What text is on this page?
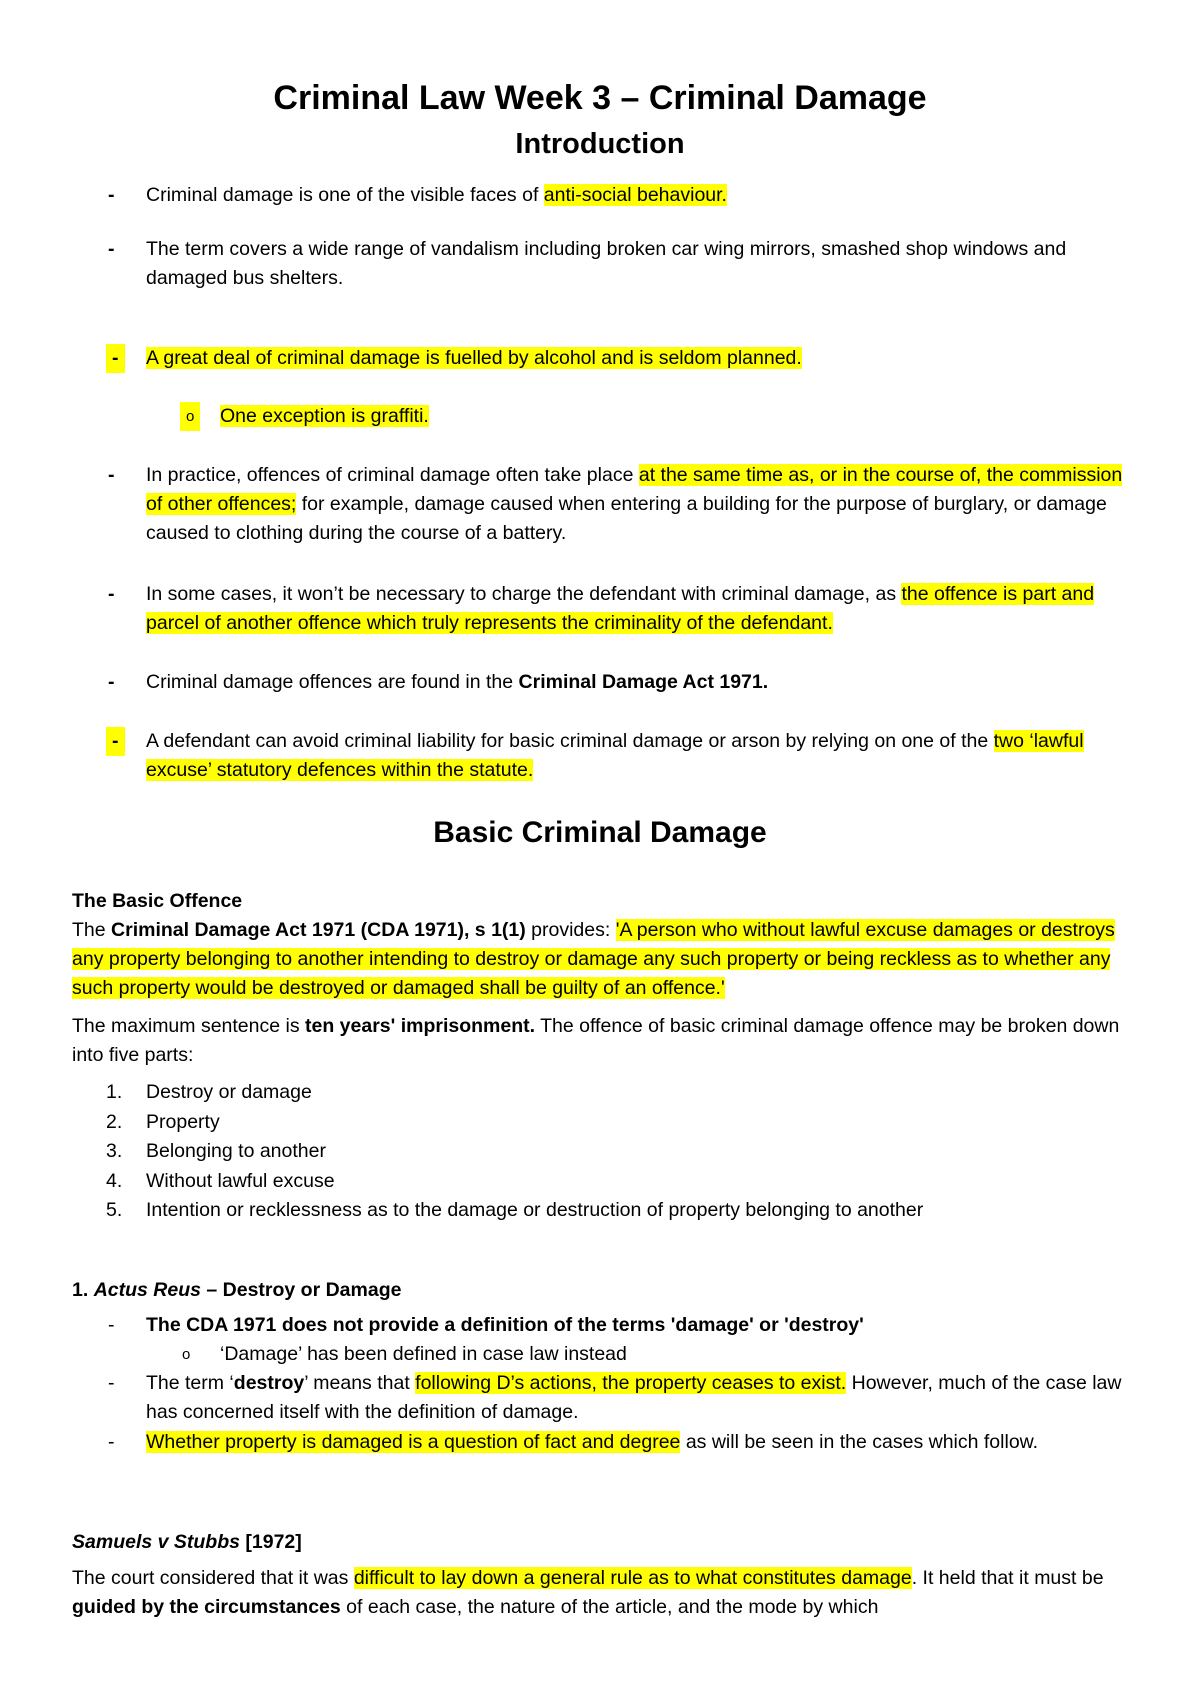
Criminal Law Week 3 – Criminal Damage
Introduction
- Criminal damage is one of the visible faces of anti-social behaviour.
- The term covers a wide range of vandalism including broken car wing mirrors, smashed shop windows and damaged bus shelters.
-	A great deal of criminal damage is fuelled by alcohol and is seldom planned.
o	One exception is graffiti.
- In practice, offences of criminal damage often take place at the same time as, or in the course of, the commission of other offences; for example, damage caused when entering a building for the purpose of burglary, or damage caused to clothing during the course of a battery.
- In some cases, it won’t be necessary to charge the defendant with criminal damage, as the offence is part and parcel of another offence which truly represents the criminality of the defendant.
- Criminal damage offences are found in the Criminal Damage Act 1971.
-	A defendant can avoid criminal liability for basic criminal damage or arson by relying on one of the two ‘lawful excuse’ statutory defences within the statute.
Basic Criminal Damage
The Basic Offence
The Criminal Damage Act 1971 (CDA 1971), s 1(1) provides: 'A person who without lawful excuse damages or destroys any property belonging to another intending to destroy or damage any such property or being reckless as to whether any such property would be destroyed or damaged shall be guilty of an offence.'
The maximum sentence is ten years' imprisonment. The offence of basic criminal damage offence may be broken down into five parts:
1. Destroy or damage
2. Property
3. Belonging to another
4. Without lawful excuse
5. Intention or recklessness as to the damage or destruction of property belonging to another
1. Actus Reus – Destroy or Damage
- The CDA 1971 does not provide a definition of the terms 'damage' or 'destroy'
o ‘Damage’ has been defined in case law instead
- The term ‘destroy’ means that following D’s actions, the property ceases to exist. However, much of the case law has concerned itself with the definition of damage.
- Whether property is damaged is a question of fact and degree as will be seen in the cases which follow.
Samuels v Stubbs [1972]
The court considered that it was difficult to lay down a general rule as to what constitutes damage. It held that it must be guided by the circumstances of each case, the nature of the article, and the mode by which
